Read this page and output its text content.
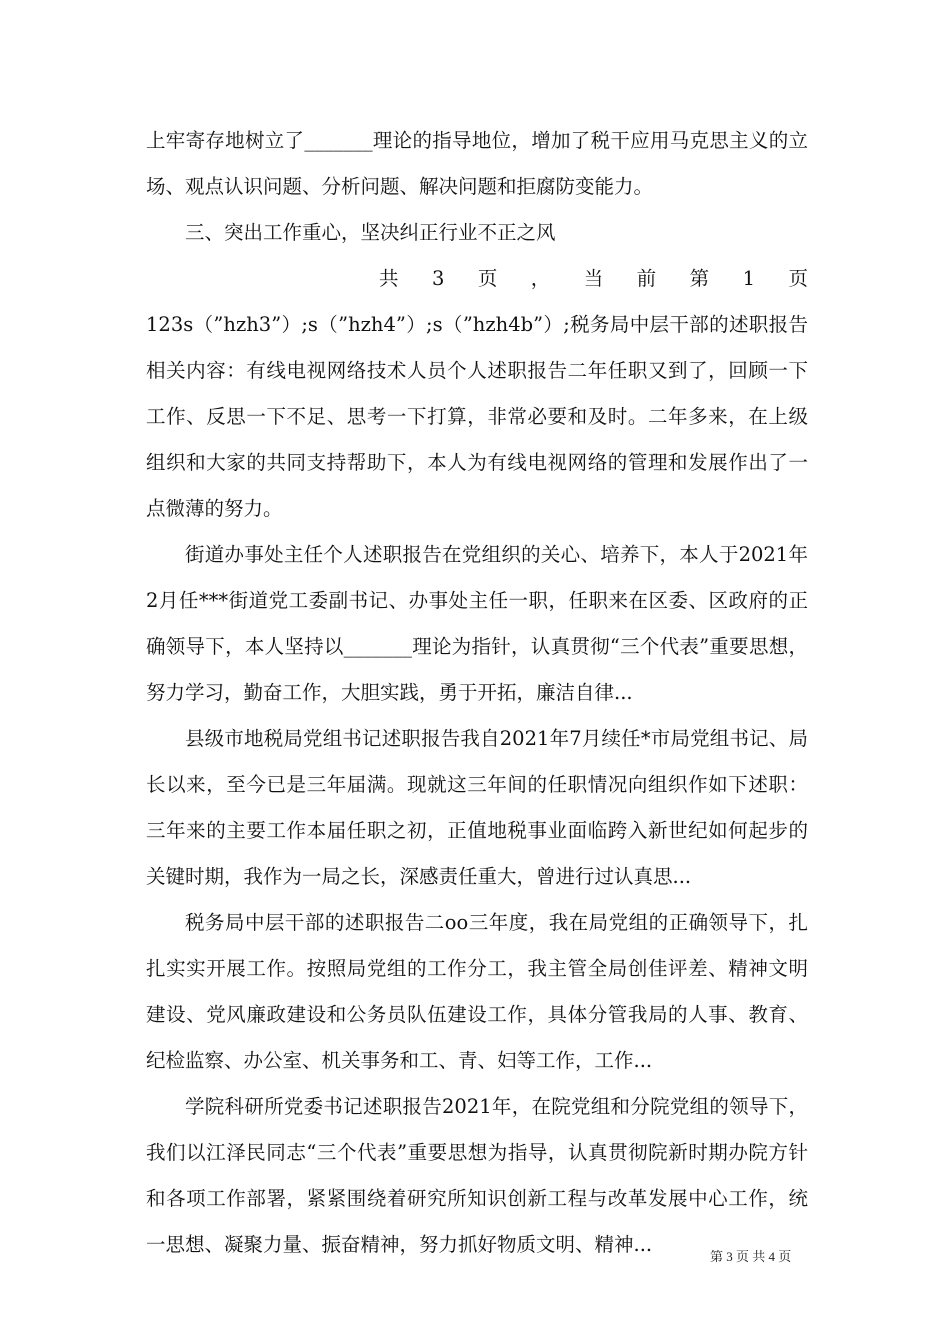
上牢寄存地树立了_______理论的指导地位，增加了税干应用马克思主义的立场、观点认识问题、分析问题、解决问题和拒腐防变能力。

三、突出工作重心，坚决纠正行业不正之风

共 3 页 ， 当 前 第 1 页

123s（”hzh3”）;s（”hzh4”）;s（”hzh4b”）;税务局中层干部的述职报告相关内容：有线电视网络技术人员个人述职报告二年任职又到了，回顾一下工作、反思一下不足、思考一下打算，非常必要和及时。二年多来，在上级组织和大家的共同支持帮助下，本人为有线电视网络的管理和发展作出了一点微薄的努力。

街道办事处主任个人述职报告在党组织的关心、培养下，本人于2021年2月任***街道党工委副书记、办事处主任一职，任职来在区委、区政府的正确领导下，本人坚持以_______理论为指针，认真贯彻“三个代表”重要思想，努力学习，勤奋工作，大胆实践，勇于开拓，廉洁自律...

县级市地税局党组书记述职报告我自2021年7月续任*市局党组书记、局长以来，至今已是三年届满。现就这三年间的任职情况向组织作如下述职：三年来的主要工作本届任职之初，正值地税事业面临跨入新世纪如何起步的关键时期，我作为一局之长，深感责任重大，曾进行过认真思...

税务局中层干部的述职报告二oo三年度，我在局党组的正确领导下，扎扎实实开展工作。按照局党组的工作分工，我主管全局创佳评差、精神文明建设、党风廉政建设和公务员队伍建设工作，具体分管我局的人事、教育、纪检监察、办公室、机关事务和工、青、妇等工作，工作...

学院科研所党委书记述职报告2021年，在院党组和分院党组的领导下，我们以江泽民同志“三个代表”重要思想为指导，认真贯彻院新时期办院方针和各项工作部署，紧紧围绕着研究所知识创新工程与改革发展中心工作，统一思想、凝聚力量、振奋精神，努力抓好物质文明、精神...

第 3 页 共 4 页
